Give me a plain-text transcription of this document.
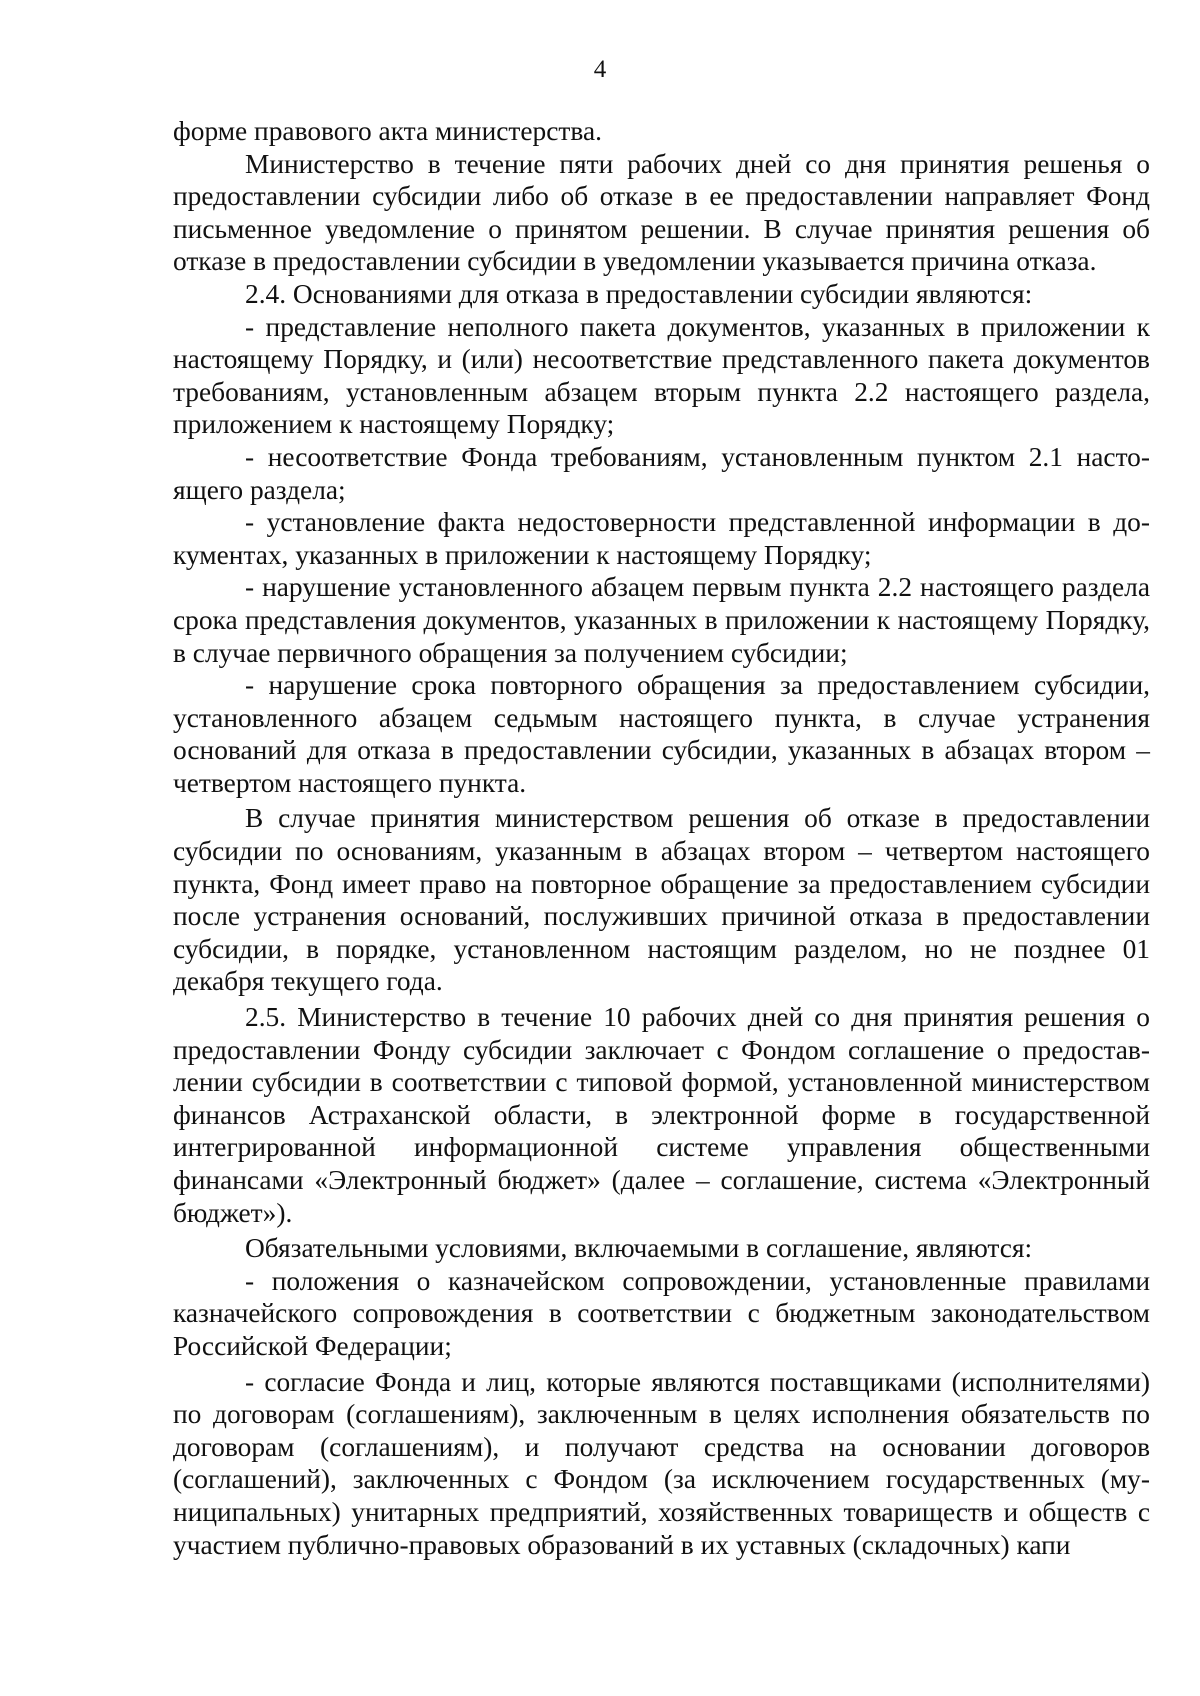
4

форме правового акта министерства.

Министерство в течение пяти рабочих дней со дня принятия решенья о предоставлении субсидии либо об отказе в ее предоставлении направляет Фонд письменное уведомление о принятом решении. В случае принятия решения об отказе в предоставлении субсидии в уведомлении указывается причина отказа.

2.4. Основаниями для отказа в предоставлении субсидии являются:

- представление неполного пакета документов, указанных в приложении к настоящему Порядку, и (или) несоответствие представленного пакета документов требованиям, установленным абзацем вторым пункта 2.2 настоящего раздела, приложением к настоящему Порядку;

- несоответствие Фонда требованиям, установленным пунктом 2.1 настоящего раздела;

- установление факта недостоверности представленной информации в документах, указанных в приложении к настоящему Порядку;

- нарушение установленного абзацем первым пункта 2.2 настоящего раздела срока представления документов, указанных в приложении к настоящему Порядку, в случае первичного обращения за получением субсидии;

- нарушение срока повторного обращения за предоставлением субсидии, установленного абзацем седьмым настоящего пункта, в случае устранения оснований для отказа в предоставлении субсидии, указанных в абзацах втором – четвертом настоящего пункта.

В случае принятия министерством решения об отказе в предоставлении субсидии по основаниям, указанным в абзацах втором – четвертом настоящего пункта, Фонд имеет право на повторное обращение за предоставлением субсидии после устранения оснований, послуживших причиной отказа в предоставлении субсидии, в порядке, установленном настоящим разделом, но не позднее 01 декабря текущего года.

2.5. Министерство в течение 10 рабочих дней со дня принятия решения о предоставлении Фонду субсидии заключает с Фондом соглашение о предоставлении субсидии в соответствии с типовой формой, установленной министерством финансов Астраханской области, в электронной форме в государственной интегрированной информационной системе управления общественными финансами «Электронный бюджет» (далее – соглашение, система «Электронный бюджет»).

Обязательными условиями, включаемыми в соглашение, являются:

- положения о казначейском сопровождении, установленные правилами казначейского сопровождения в соответствии с бюджетным законодательством Российской Федерации;

- согласие Фонда и лиц, которые являются поставщиками (исполнителями) по договорам (соглашениям), заключенным в целях исполнения обязательств по договорам (соглашениям), и получают средства на основании договоров (соглашений), заключенных с Фондом (за исключением государственных (муниципальных) унитарных предприятий, хозяйственных товариществ и обществ с участием публично-правовых образований в их уставных (складочных) капи
